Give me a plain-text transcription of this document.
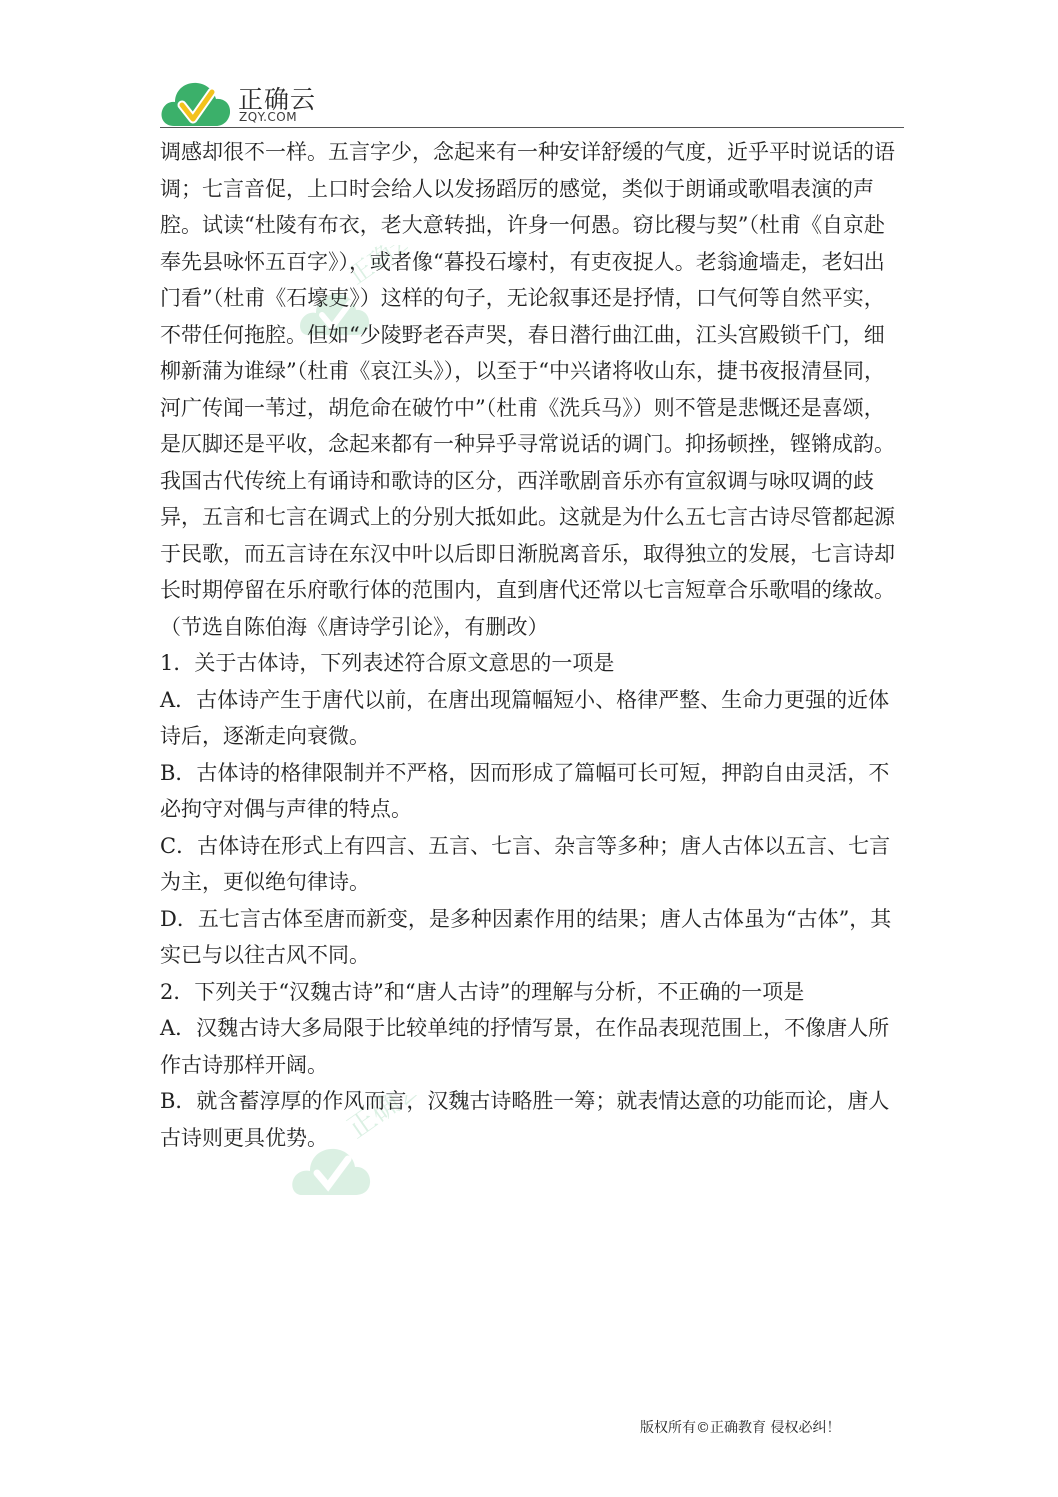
正确云
ZQY.COM
正确云
正确云

调感却很不一样。五言字少，念起来有一种安详舒缓的气度，近乎平时说话的语调；七言音促，上口时会给人以发扬蹈厉的感觉，类似于朗诵或歌唱表演的声腔。试读“杜陵有布衣，老大意转拙，许身一何愚。窃比稷与契”（杜甫《自京赴奉先县咏怀五百字》），或者像“暮投石壕村，有吏夜捉人。老翁逾墙走，老妇出门看”（杜甫《石壕吏》）这样的句子，无论叙事还是抒情，口气何等自然平实，不带任何拖腔。但如“少陵野老吞声哭，春日潜行曲江曲，江头宫殿锁千门，细柳新蒲为谁绿”（杜甫《哀江头》），以至于“中兴诸将收山东，捷书夜报清昼同，河广传闻一苇过，胡危命在破竹中”（杜甫《洗兵马》）则不管是悲慨还是喜颂，是仄脚还是平收，念起来都有一种异乎寻常说话的调门。抑扬顿挫，铿锵成韵。我国古代传统上有诵诗和歌诗的区分，西洋歌剧音乐亦有宣叙调与咏叹调的歧异，五言和七言在调式上的分别大抵如此。这就是为什么五七言古诗尽管都起源于民歌，而五言诗在东汉中叶以后即日渐脱离音乐，取得独立的发展，七言诗却长时期停留在乐府歌行体的范围内，直到唐代还常以七言短章合乐歌唱的缘故。

（节选自陈伯海《唐诗学引论》，有删改）

1．关于古体诗，下列表述符合原文意思的一项是

A．古体诗产生于唐代以前，在唐出现篇幅短小、格律严整、生命力更强的近体诗后，逐渐走向衰微。

B．古体诗的格律限制并不严格，因而形成了篇幅可长可短，押韵自由灵活，不必拘守对偶与声律的特点。

C．古体诗在形式上有四言、五言、七言、杂言等多种；唐人古体以五言、七言为主，更似绝句律诗。

D．五七言古体至唐而新变，是多种因素作用的结果；唐人古体虽为“古体”，其实已与以往古风不同。

2．下列关于“汉魏古诗”和“唐人古诗”的理解与分析，不正确的一项是

A．汉魏古诗大多局限于比较单纯的抒情写景，在作品表现范围上，不像唐人所作古诗那样开阔。

B．就含蓄淳厚的作风而言，汉魏古诗略胜一筹；就表情达意的功能而论，唐人古诗则更具优势。

版权所有©正确教育 侵权必纠！
